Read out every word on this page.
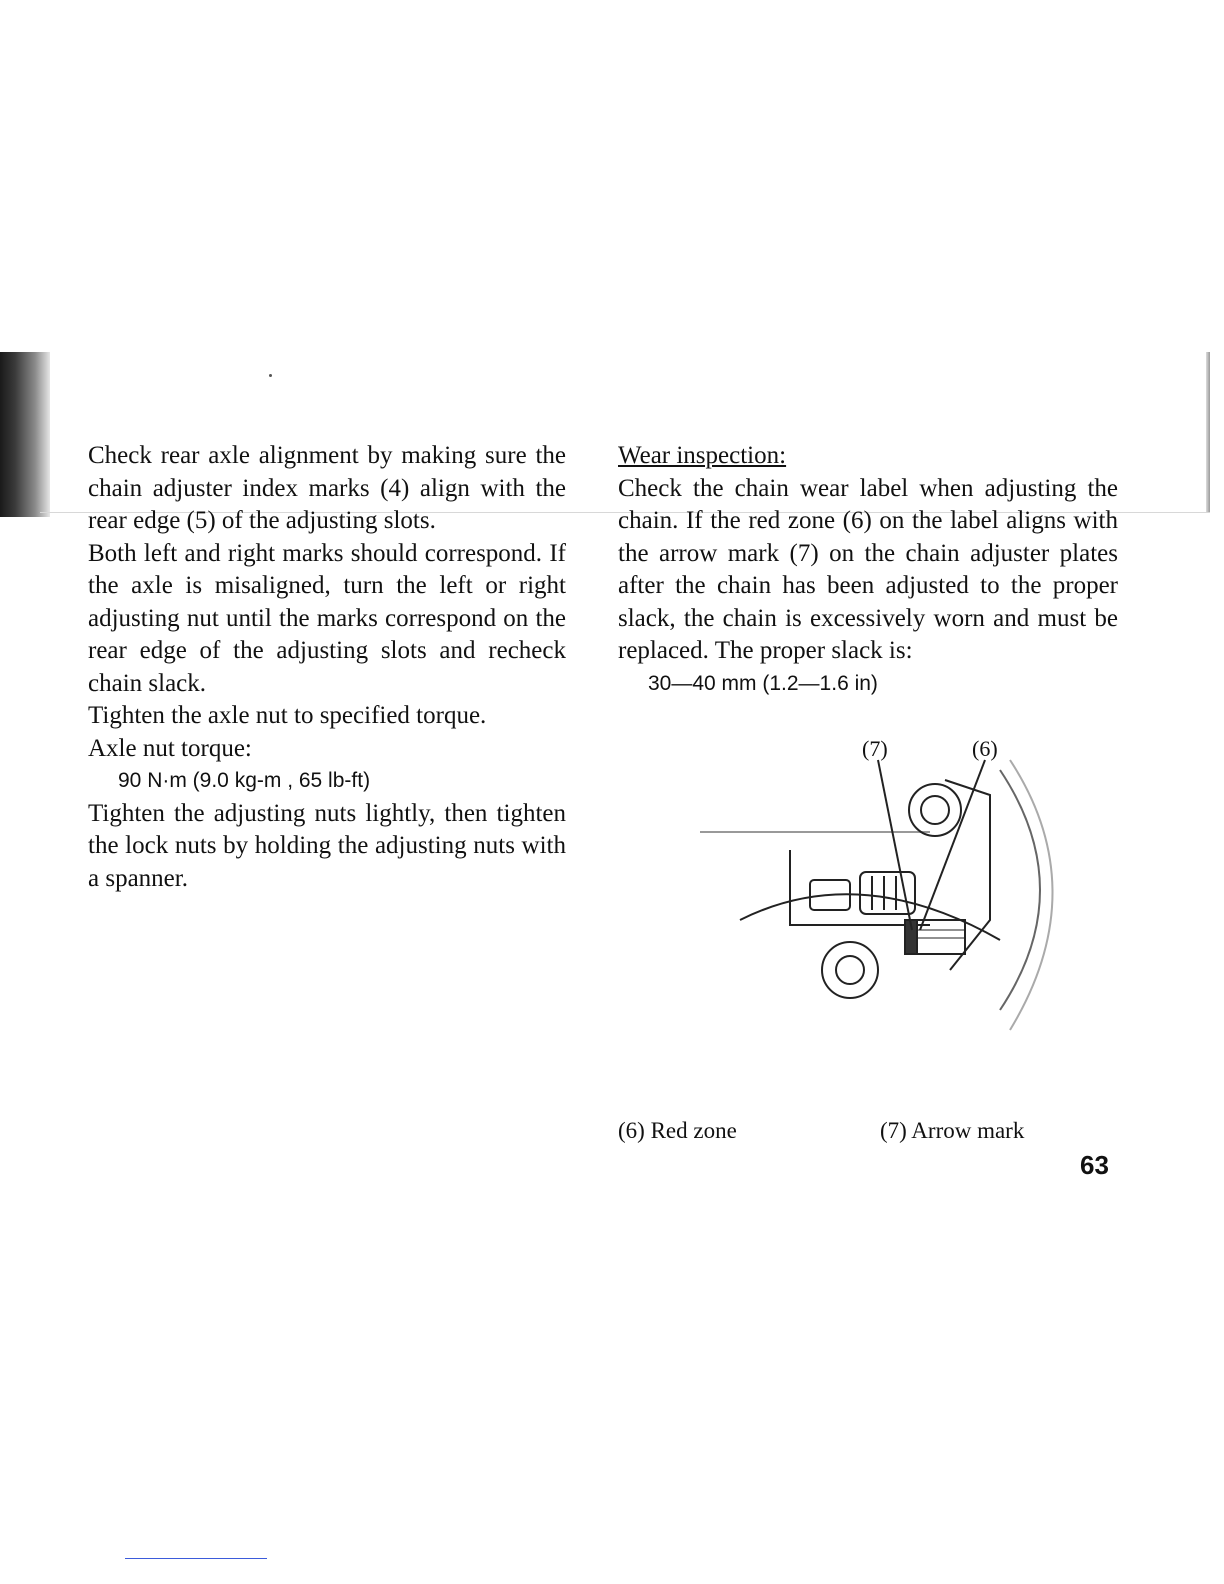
Check rear axle alignment by making sure the chain adjuster index marks (4) align with the rear edge (5) of the adjusting slots.

Both left and right marks should correspond. If the axle is misaligned, turn the left or right adjusting nut until the marks correspond on the rear edge of the adjusting slots and recheck chain slack.

Tighten the axle nut to specified torque.

Axle nut torque:

90 N·m (9.0 kg-m , 65 lb-ft)

Tighten the adjusting nuts lightly, then tighten the lock nuts by holding the adjusting nuts with a spanner.

Wear inspection:

Check the chain wear label when adjusting the chain. If the red zone (6) on the label aligns with the arrow mark (7) on the chain adjuster plates after the chain has been adjusted to the proper slack, the chain is excessively worn and must be replaced. The proper slack is:

30—40 mm (1.2—1.6 in)

(7)	(6)
(6) Red zone	(7) Arrow mark
63
